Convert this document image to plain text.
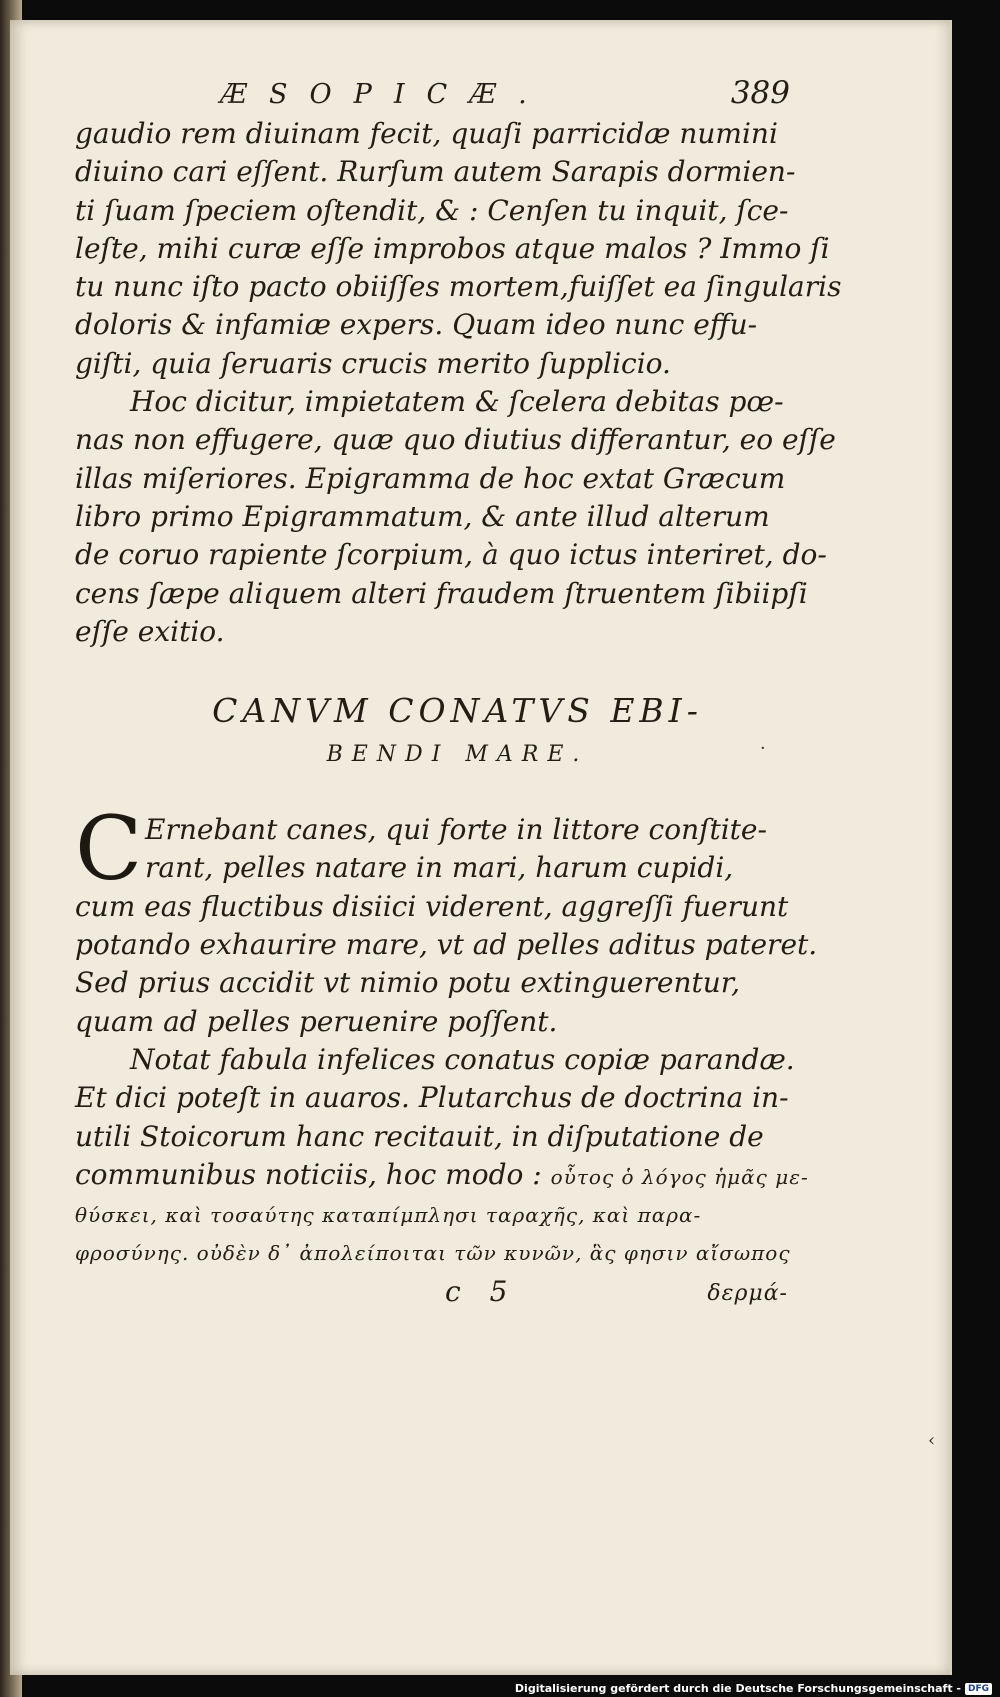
ÆSOPICÆ.	389
gaudio rem diuinam fecit, quaſi parricidæ numini
diuino cari eſſent. Rurſum autem Sarapis dormien-
ti ſuam ſpeciem oſtendit, & : Cenſen tu inquit, ſce-
leſte, mihi curæ eſſe improbos atque malos ? Immo ſi
tu nunc iſto pacto obiiſſes mortem,fuiſſet ea ſingularis
doloris & infamiæ expers. Quam ideo nunc effu-
giſti, quia ſeruaris crucis merito ſupplicio.
Hoc dicitur, impietatem & ſcelera debitas pœ-
nas non effugere, quæ quo diutius differantur, eo eſſe
illas miſeriores. Epigramma de hoc extat Græcum
libro primo Epigrammatum, & ante illud alterum
de coruo rapiente ſcorpium, à quo ictus interiret, do-
cens ſæpe aliquem alteri fraudem ſtruentem ſibiipſi
eſſe exitio.
CANVM CONATVS EBI-
BENDI MARE.
C Ernebant canes, qui forte in littore conſtite-
rant, pelles natare in mari, harum cupidi,
cum eas fluctibus disiici viderent, aggreſſi fuerunt
potando exhaurire mare, vt ad pelles aditus pateret.
Sed prius accidit vt nimio potu extinguerentur,
quam ad pelles peruenire poſſent.
Notat fabula infelices conatus copiæ parandæ.
Et dici poteſt in auaros. Plutarchus de doctrina in-
utili Stoicorum hanc recitauit, in diſputatione de
communibus noticiis, hoc modo : οὗτος ὁ λόγος ἡμᾶς με-
θύσκει, καὶ τοσαύτης καταπίμπλησι ταραχῆς, καὶ παρα-
φροσύνης. οὐδὲν δ᾽ ἀπολείποιται τῶν κυνῶν, ἃς φησιν αἴσωπος
c 5	δερμά-
·
‹
Digitalisierung gefördert durch die Deutsche Forschungsgemeinschaft - DFG
